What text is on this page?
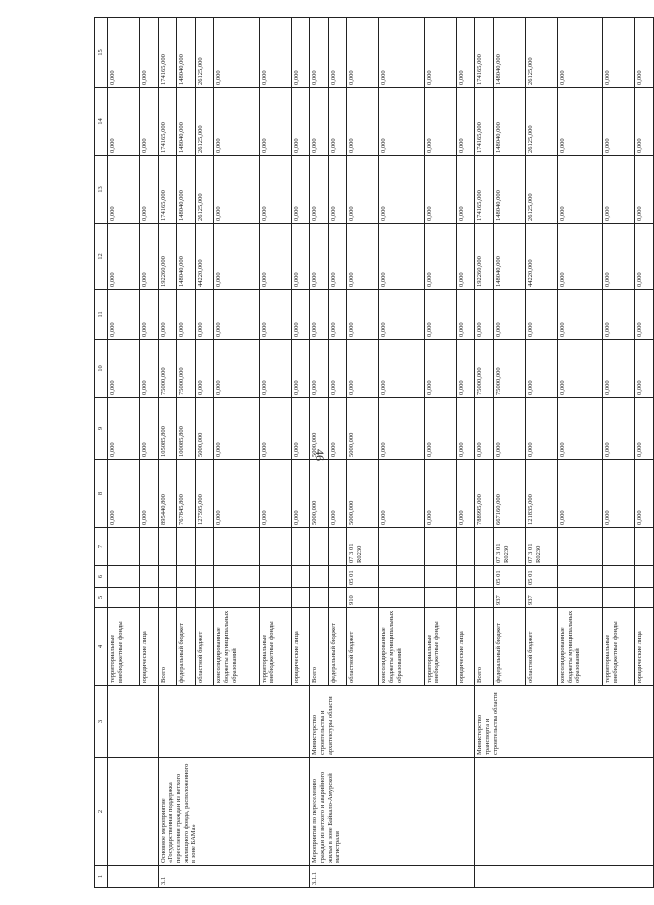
46
1	2	3	4	5	6	7	8	9	10	11	12	13	14	15
			территориальные внебюджетные фонды				0,000	0,000	0,000	0,000	0,000	0,000	0,000	0,000
			юридические лица				0,000	0,000	0,000	0,000	0,000	0,000	0,000	0,000
3.1	Основное мероприятие «Государственная поддержка переселения граждан из ветхого жилищного фонда, расположенного в зоне БАМа»		Всего				895440,800	105085,800	75000,000	0,000	192260,000	174165,000	174165,000	174165,000
			федеральный бюджет				767845,800	100085,800	75000,000	0,000	148040,000	148040,000	148040,000	148040,000
			областной бюджет				127595,000	5000,000	0,000	0,000	44220,000	26125,000	26125,000	26125,000
			консолидированные бюджеты муниципальных образований				0,000	0,000	0,000	0,000	0,000	0,000	0,000	0,000
			территориальные внебюджетные фонды				0,000	0,000	0,000	0,000	0,000	0,000	0,000	0,000
			юридические лица				0,000	0,000	0,000	0,000	0,000	0,000	0,000	0,000
3.1.1	Мероприятия по переселению граждан из ветхого и аварийного жилья в зоне Байкало-Амурской магистрали	Министерство строительства и архитектуры области	Всего				5000,000	5000,000	0,000	0,000	0,000	0,000	0,000	0,000
			федеральный бюджет				0,000	0,000	0,000	0,000	0,000	0,000	0,000	0,000
			областной бюджет	910	05 01	07 3 01 R0230	5000,000	5000,000	0,000	0,000	0,000	0,000	0,000	0,000
			консолидированные бюджеты муниципальных образований				0,000	0,000	0,000	0,000	0,000	0,000	0,000	0,000
			территориальные внебюджетные фонды				0,000	0,000	0,000	0,000	0,000	0,000	0,000	0,000
			юридические лица				0,000	0,000	0,000	0,000	0,000	0,000	0,000	0,000
		Министерство транспорта и строительства области	Всего				788995,000	0,000	75000,000	0,000	192260,000	174165,000	174165,000	174165,000
			федеральный бюджет	937	05 01	07 3 01 R0230	667160,000	0,000	75000,000	0,000	148040,000	148040,000	148040,000	148040,000
			областной бюджет	937	05 01	07 3 01 R0230	121835,000	0,000	0,000	0,000	44220,000	26125,000	26125,000	26125,000
			консолидированные бюджеты муниципальных образований				0,000	0,000	0,000	0,000	0,000	0,000	0,000	0,000
			территориальные внебюджетные фонды				0,000	0,000	0,000	0,000	0,000	0,000	0,000	0,000
			юридические лица				0,000	0,000	0,000	0,000	0,000	0,000	0,000	0,000
